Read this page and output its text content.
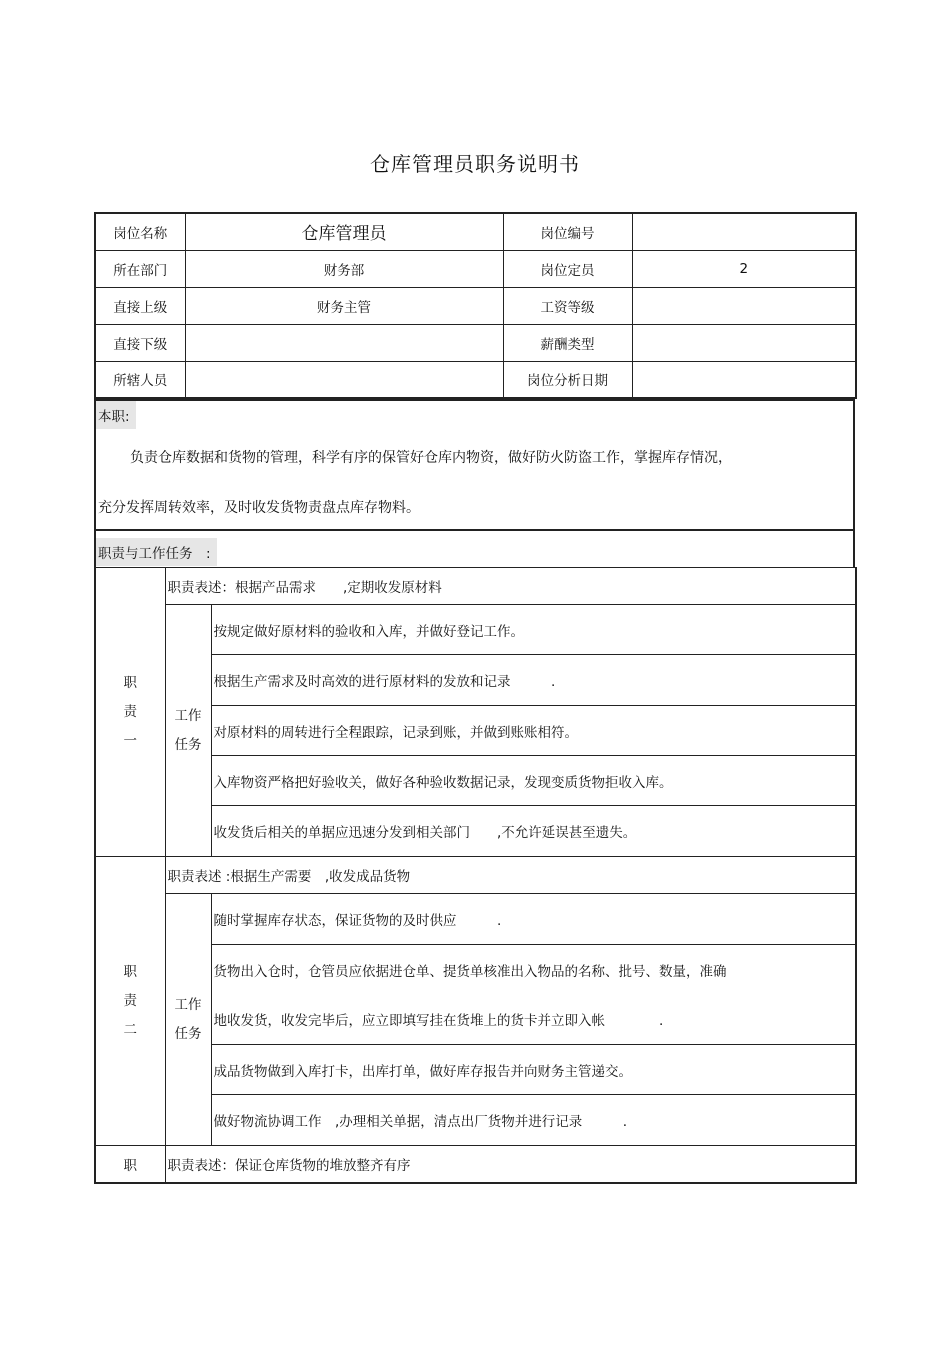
仓库管理员职务说明书
岗位名称	仓库管理员	岗位编号	
所在部门	财务部	岗位定员	2
直接上级	财务主管	工资等级	
直接下级		薪酬类型	
所辖人员		岗位分析日期	
本职:
负责仓库数据和货物的管理，科学有序的保管好仓库内物资，做好防火防盗工作，掌握库存情况，
充分发挥周转效率，及时收发货物责盘点库存物料。
职责与工作任务　:
职
责
一	职责表述：根据产品需求　　,定期收发原材料	

	工作
任务	按规定做好原材料的验收和入库，并做好登记工作。
		根据生产需求及时高效的进行原材料的发放和记录　　　.
		对原材料的周转进行全程跟踪，记录到账，并做到账账相符。
		入库物资严格把好验收关，做好各种验收数据记录，发现变质货物拒收入库。
		收发货后相关的单据应迅速分发到相关部门　　,不允许延误甚至遗失。

职
责
二	职责表述 :根据生产需要　,收发成品货物	

	工作
任务	随时掌握库存状态，保证货物的及时供应　　　.
		货物出入仓时，仓管员应依据进仓单、提货单核准出入物品的名称、批号、数量，准确
		地收发货，收发完毕后，应立即填写挂在货堆上的货卡并立即入帐　　　　.
		成品货物做到入库打卡，出库打单，做好库存报告并向财务主管递交。
		做好物流协调工作　,办理相关单据，清点出厂货物并进行记录　　　.
职	职责表述：保证仓库货物的堆放整齐有序	
